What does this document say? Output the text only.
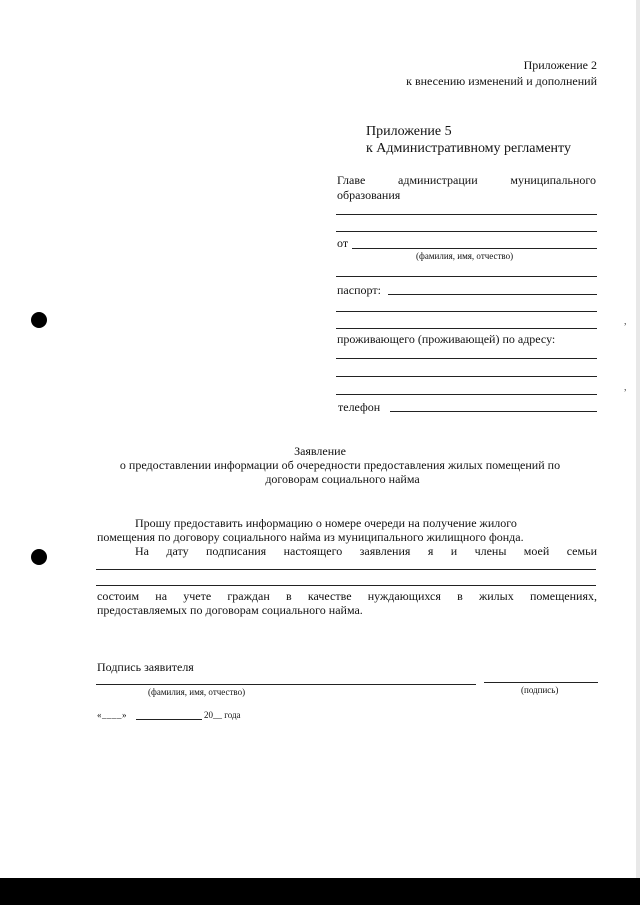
Приложение 2
к внесению изменений и дополнений
Приложение 5
к Административному регламенту
Главе администрации муниципального
образования
от
(фамилия, имя, отчество)
паспорт:
проживающего (проживающей) по адресу:
телефон
Заявление
о предоставлении информации об очередности предоставления жилых помещений по
договорам социального найма
Прошу предоставить информацию о номере очереди на получение жилого
помещения по договору социального найма из муниципального жилищного фонда.
На дату подписания настоящего заявления я и члены моей семьи
состоим на учете граждан в качестве нуждающихся в жилых помещениях,
предоставляемых по договорам социального найма.
Подпись заявителя
(фамилия, имя, отчество)	(подпись)
«____»	20__ года
,
,
